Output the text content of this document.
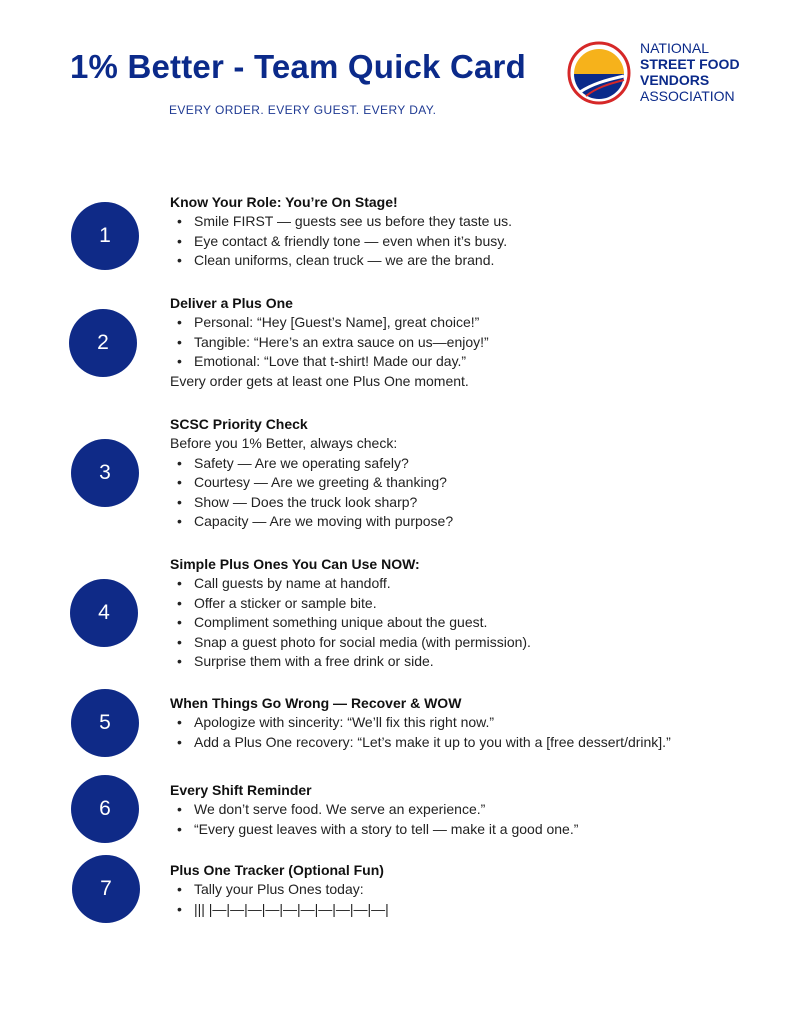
1% Better - Team Quick Card
EVERY ORDER. EVERY GUEST. EVERY DAY.
NATIONAL
STREET FOOD
VENDORS
ASSOCIATION
1
Know Your Role: You’re On Stage!
• Smile FIRST — guests see us before they taste us.
• Eye contact & friendly tone — even when it’s busy.
• Clean uniforms, clean truck — we are the brand.
2
Deliver a Plus One
• Personal: “Hey [Guest’s Name], great choice!”
• Tangible: “Here’s an extra sauce on us—enjoy!”
• Emotional: “Love that t-shirt! Made our day.”
Every order gets at least one Plus One moment.
3
SCSC Priority Check
Before you 1% Better, always check:
• Safety — Are we operating safely?
• Courtesy — Are we greeting & thanking?
• Show — Does the truck look sharp?
• Capacity — Are we moving with purpose?
4
Simple Plus Ones You Can Use NOW:
• Call guests by name at handoff.
• Offer a sticker or sample bite.
• Compliment something unique about the guest.
• Snap a guest photo for social media (with permission).
• Surprise them with a free drink or side.
5
When Things Go Wrong — Recover & WOW
• Apologize with sincerity: “We’ll fix this right now.”
• Add a Plus One recovery: “Let’s make it up to you with a [free dessert/drink].”
6
Every Shift Reminder
• We don’t serve food. We serve an experience.”
• “Every guest leaves with a story to tell — make it a good one.”
7
Plus One Tracker (Optional Fun)
• Tally your Plus Ones today:
• ||| |—|—|—|—|—|—|—|—|—|—|
